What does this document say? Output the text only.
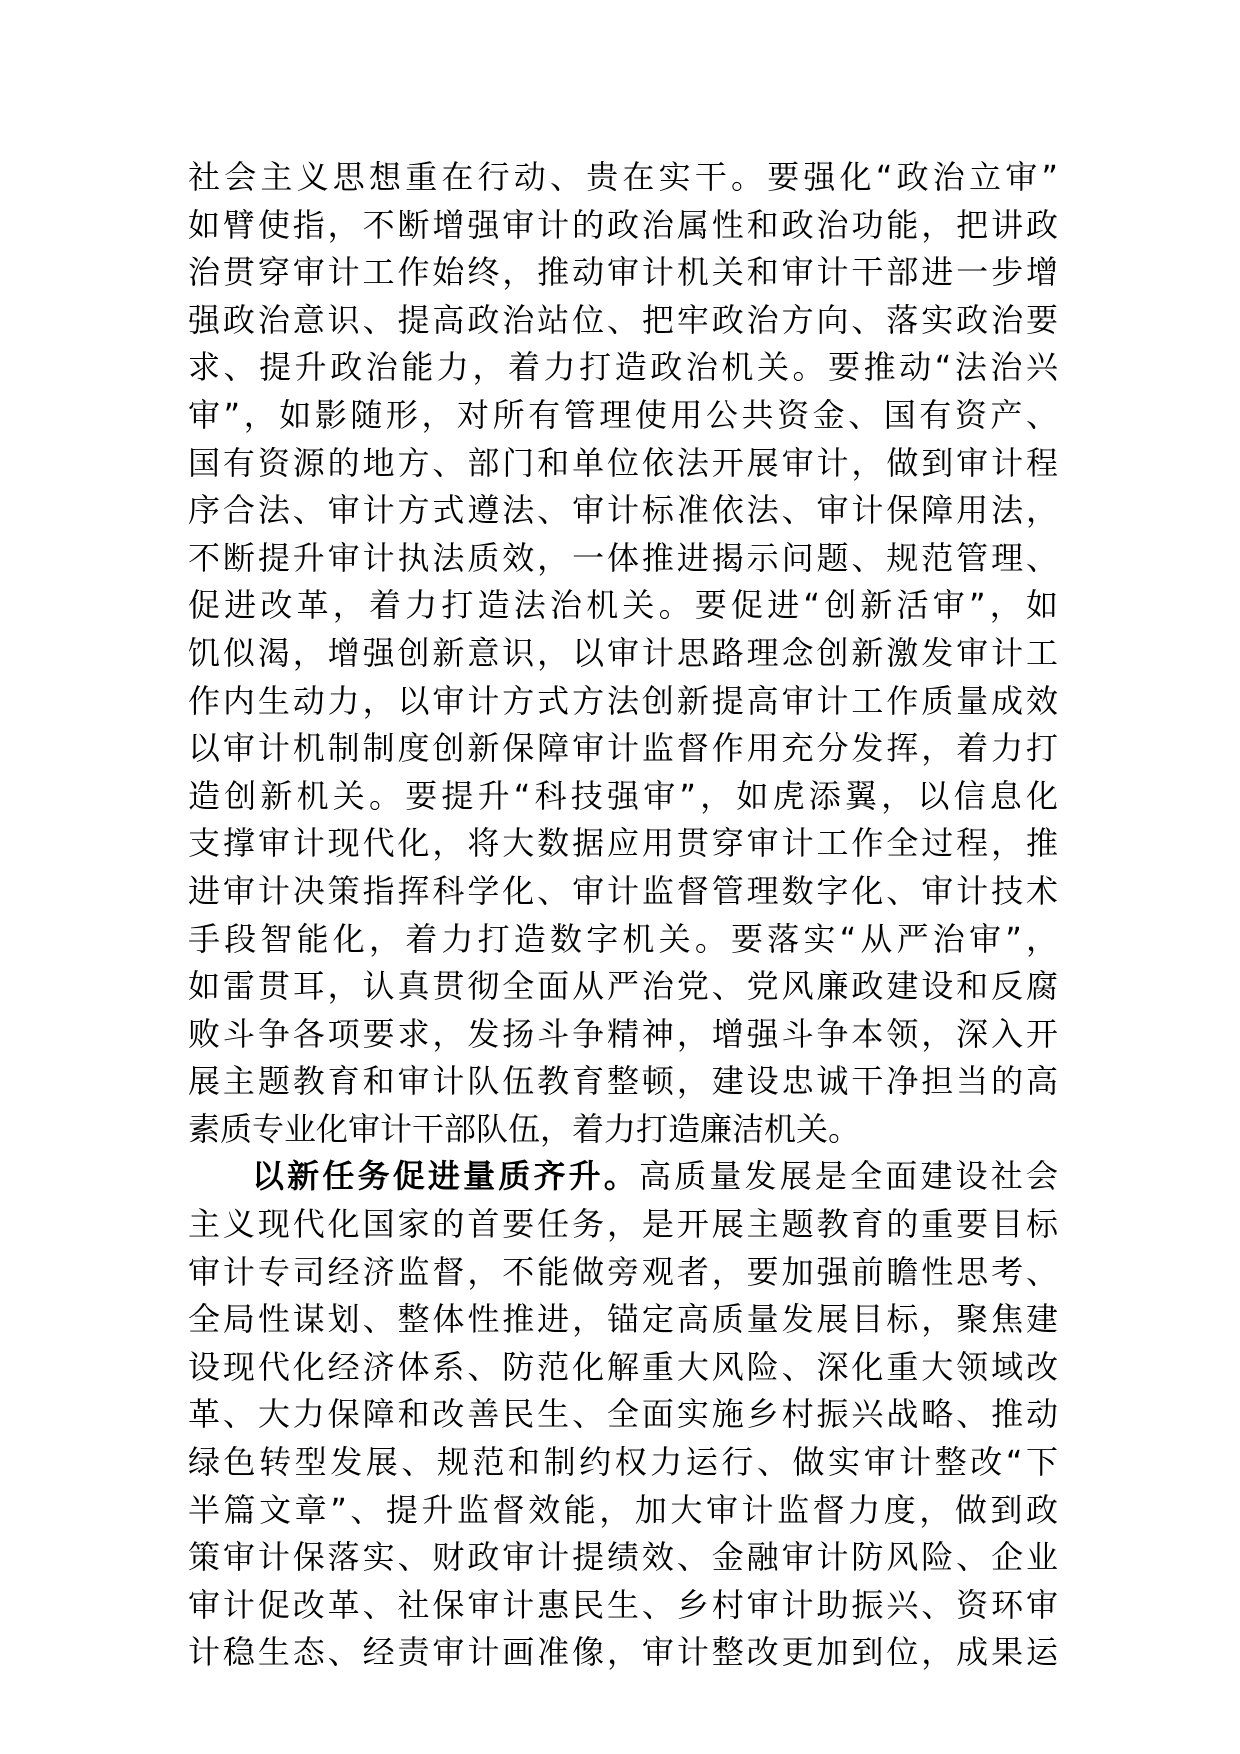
社会主义思想重在行动、贵在实干。要强化“政治立审”
如臂使指，不断增强审计的政治属性和政治功能，把讲政
治贯穿审计工作始终，推动审计机关和审计干部进一步增
强政治意识、提高政治站位、把牢政治方向、落实政治要
求、提升政治能力，着力打造政治机关。要推动“法治兴
审”，如影随形，对所有管理使用公共资金、国有资产、
国有资源的地方、部门和单位依法开展审计，做到审计程
序合法、审计方式遵法、审计标准依法、审计保障用法，
不断提升审计执法质效，一体推进揭示问题、规范管理、
促进改革，着力打造法治机关。要促进“创新活审”，如
饥似渴，增强创新意识，以审计思路理念创新激发审计工
作内生动力，以审计方式方法创新提高审计工作质量成效
以审计机制制度创新保障审计监督作用充分发挥，着力打
造创新机关。要提升“科技强审”，如虎添翼，以信息化
支撑审计现代化，将大数据应用贯穿审计工作全过程，推
进审计决策指挥科学化、审计监督管理数字化、审计技术
手段智能化，着力打造数字机关。要落实“从严治审”，
如雷贯耳，认真贯彻全面从严治党、党风廉政建设和反腐
败斗争各项要求，发扬斗争精神，增强斗争本领，深入开
展主题教育和审计队伍教育整顿，建设忠诚干净担当的高
素质专业化审计干部队伍，着力打造廉洁机关。
以新任务促进量质齐升。高质量发展是全面建设社会
主义现代化国家的首要任务，是开展主题教育的重要目标
审计专司经济监督，不能做旁观者，要加强前瞻性思考、
全局性谋划、整体性推进，锚定高质量发展目标，聚焦建
设现代化经济体系、防范化解重大风险、深化重大领域改
革、大力保障和改善民生、全面实施乡村振兴战略、推动
绿色转型发展、规范和制约权力运行、做实审计整改“下
半篇文章”、提升监督效能，加大审计监督力度，做到政
策审计保落实、财政审计提绩效、金融审计防风险、企业
审计促改革、社保审计惠民生、乡村审计助振兴、资环审
计稳生态、经责审计画准像，审计整改更加到位，成果运
